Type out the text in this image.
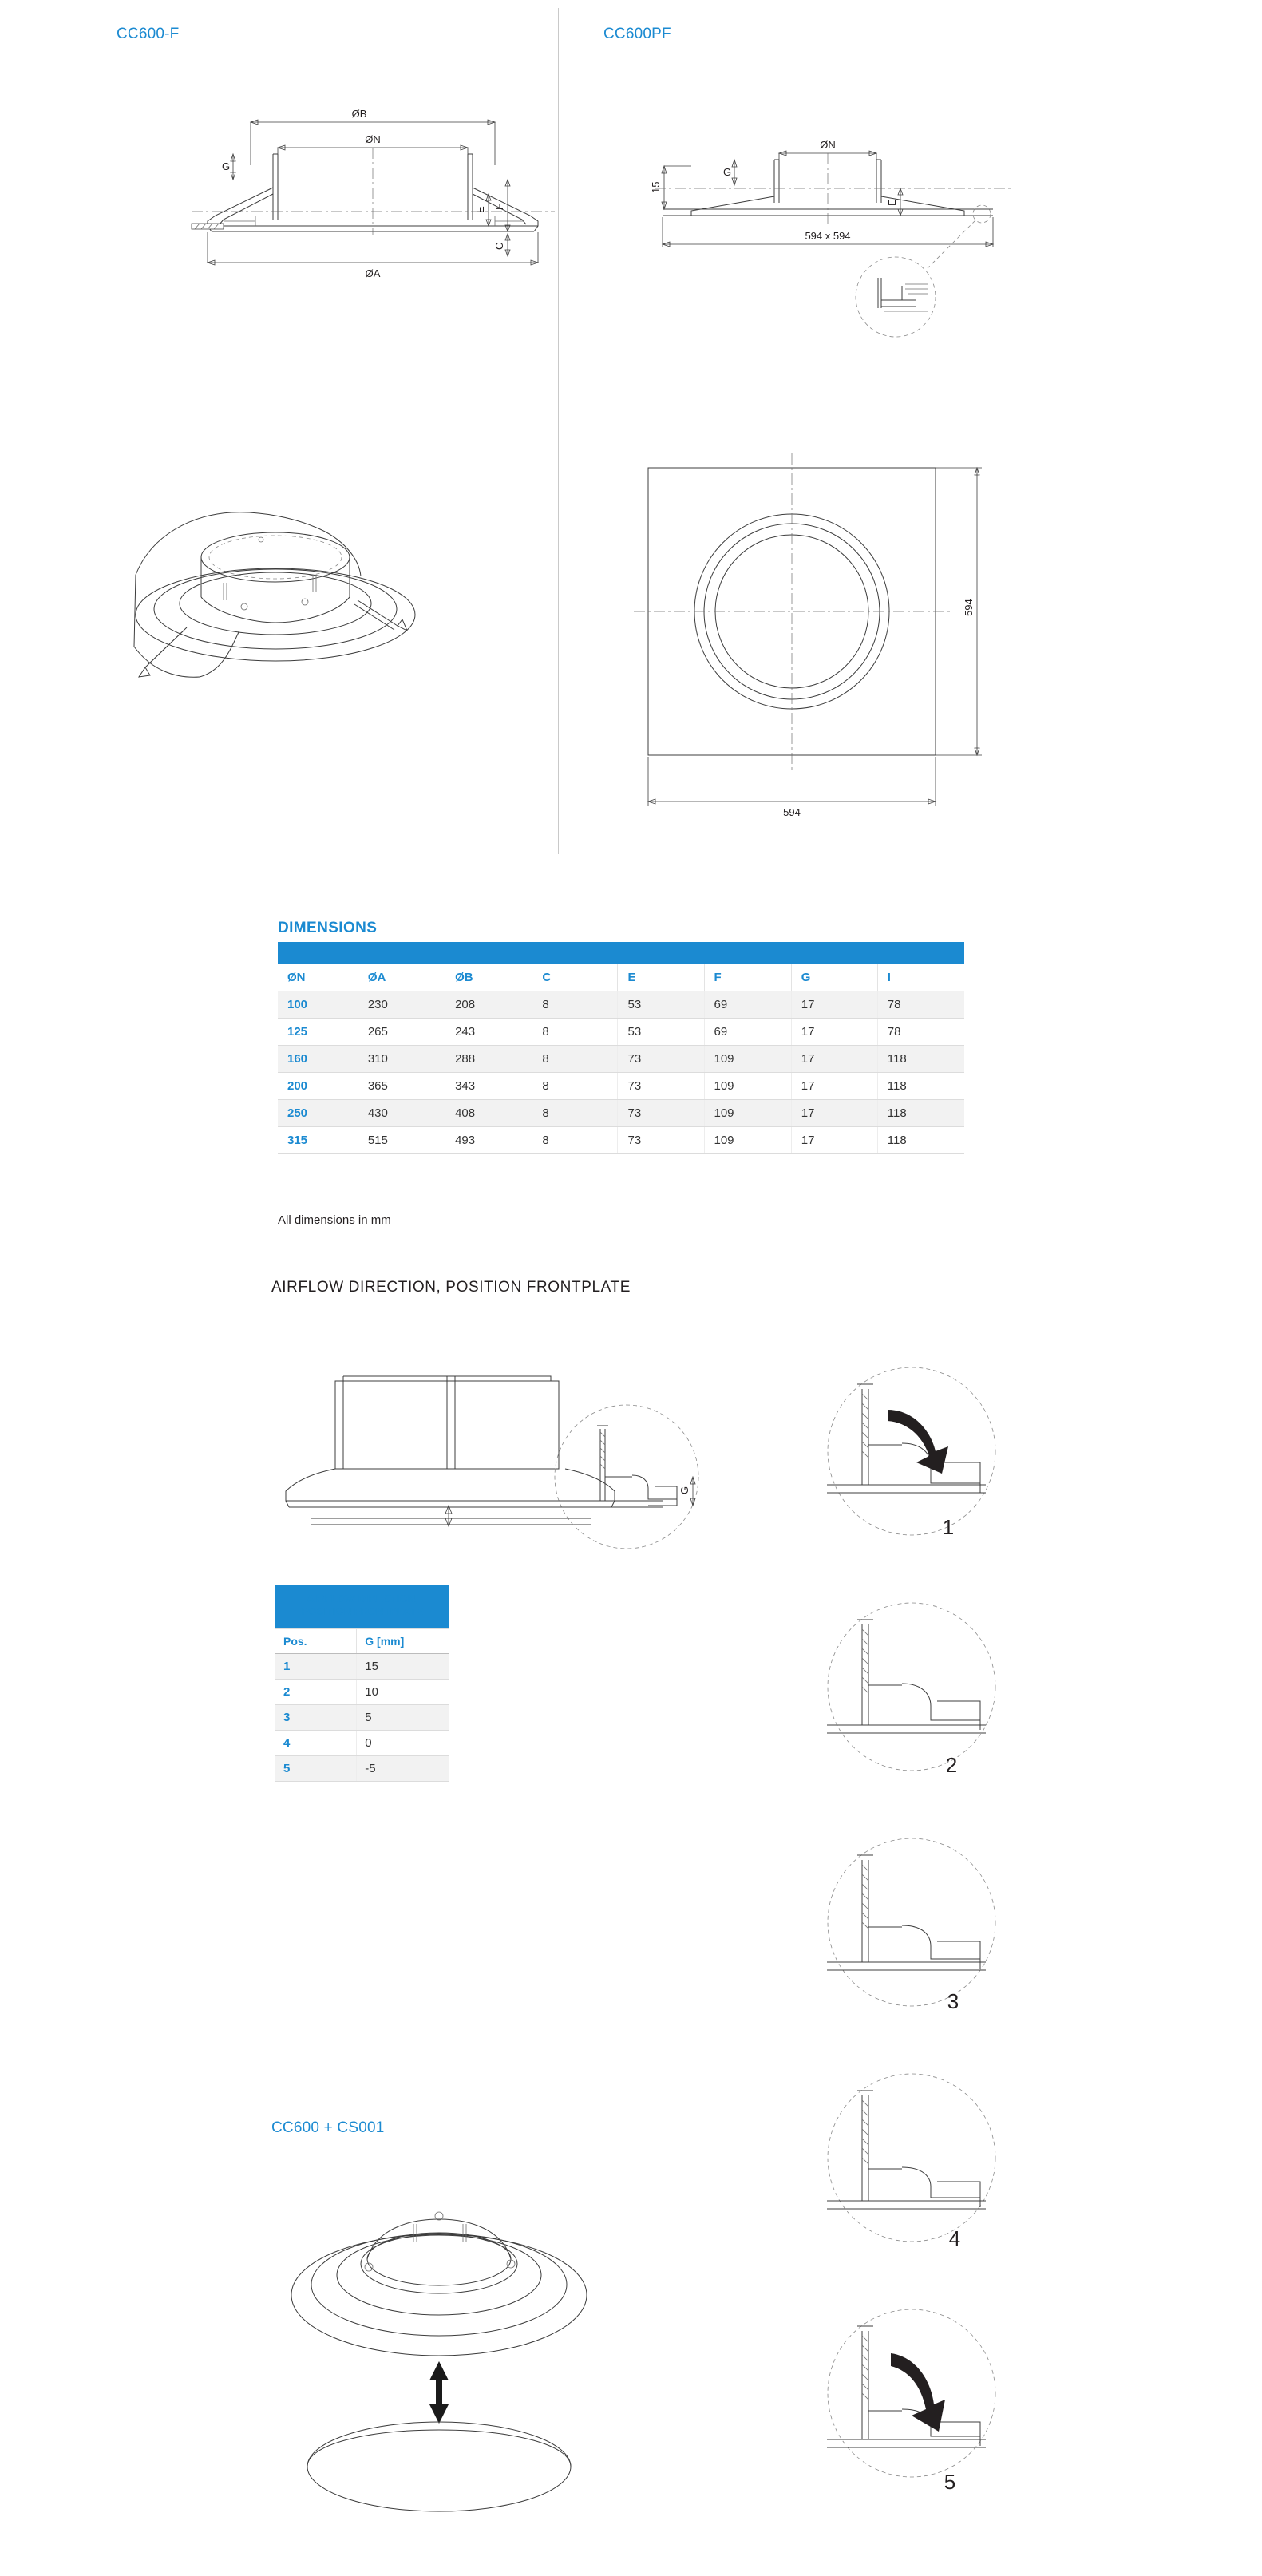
CC600-F	CC600PF
ØB
ØN
G
E F
C
ØA
ØN
G
15
E
594 x 594
594
594
DIMENSIONS

ØN	ØA	ØB	C	E	F	G	I
100	230	208	8	53	69	17	78
125	265	243	8	53	69	17	78
160	310	288	8	73	109	17	118
200	365	343	8	73	109	17	118
250	430	408	8	73	109	17	118
315	515	493	8	73	109	17	118
All dimensions in mm
AIRFLOW DIRECTION, POSITION FRONTPLATE
G
AIRFLOW DIRECTION,
POSITION FRONTPLATE	
Pos.	G [mm]
1	15
2	10
3	5
4	0
5	-5
1
2
3
4
5
CC600 + CS001
